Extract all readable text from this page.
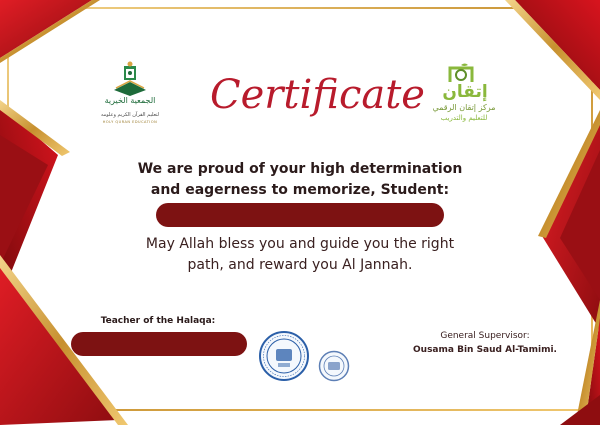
الجمعية الخيرية
لتعليم القرآن الكريم وعلومه
HOLY QURAN EDUCATION
إتقان
مركز إتقان الرقمي
للتعليم والتدريب
Certificate
We are proud of your high determination
and eagerness to memorize, Student:
May Allah bless you and guide you the right
path, and reward you Al Jannah.
Teacher of the Halaqa:
General Supervisor:
Ousama Bin Saud Al-Tamimi.
